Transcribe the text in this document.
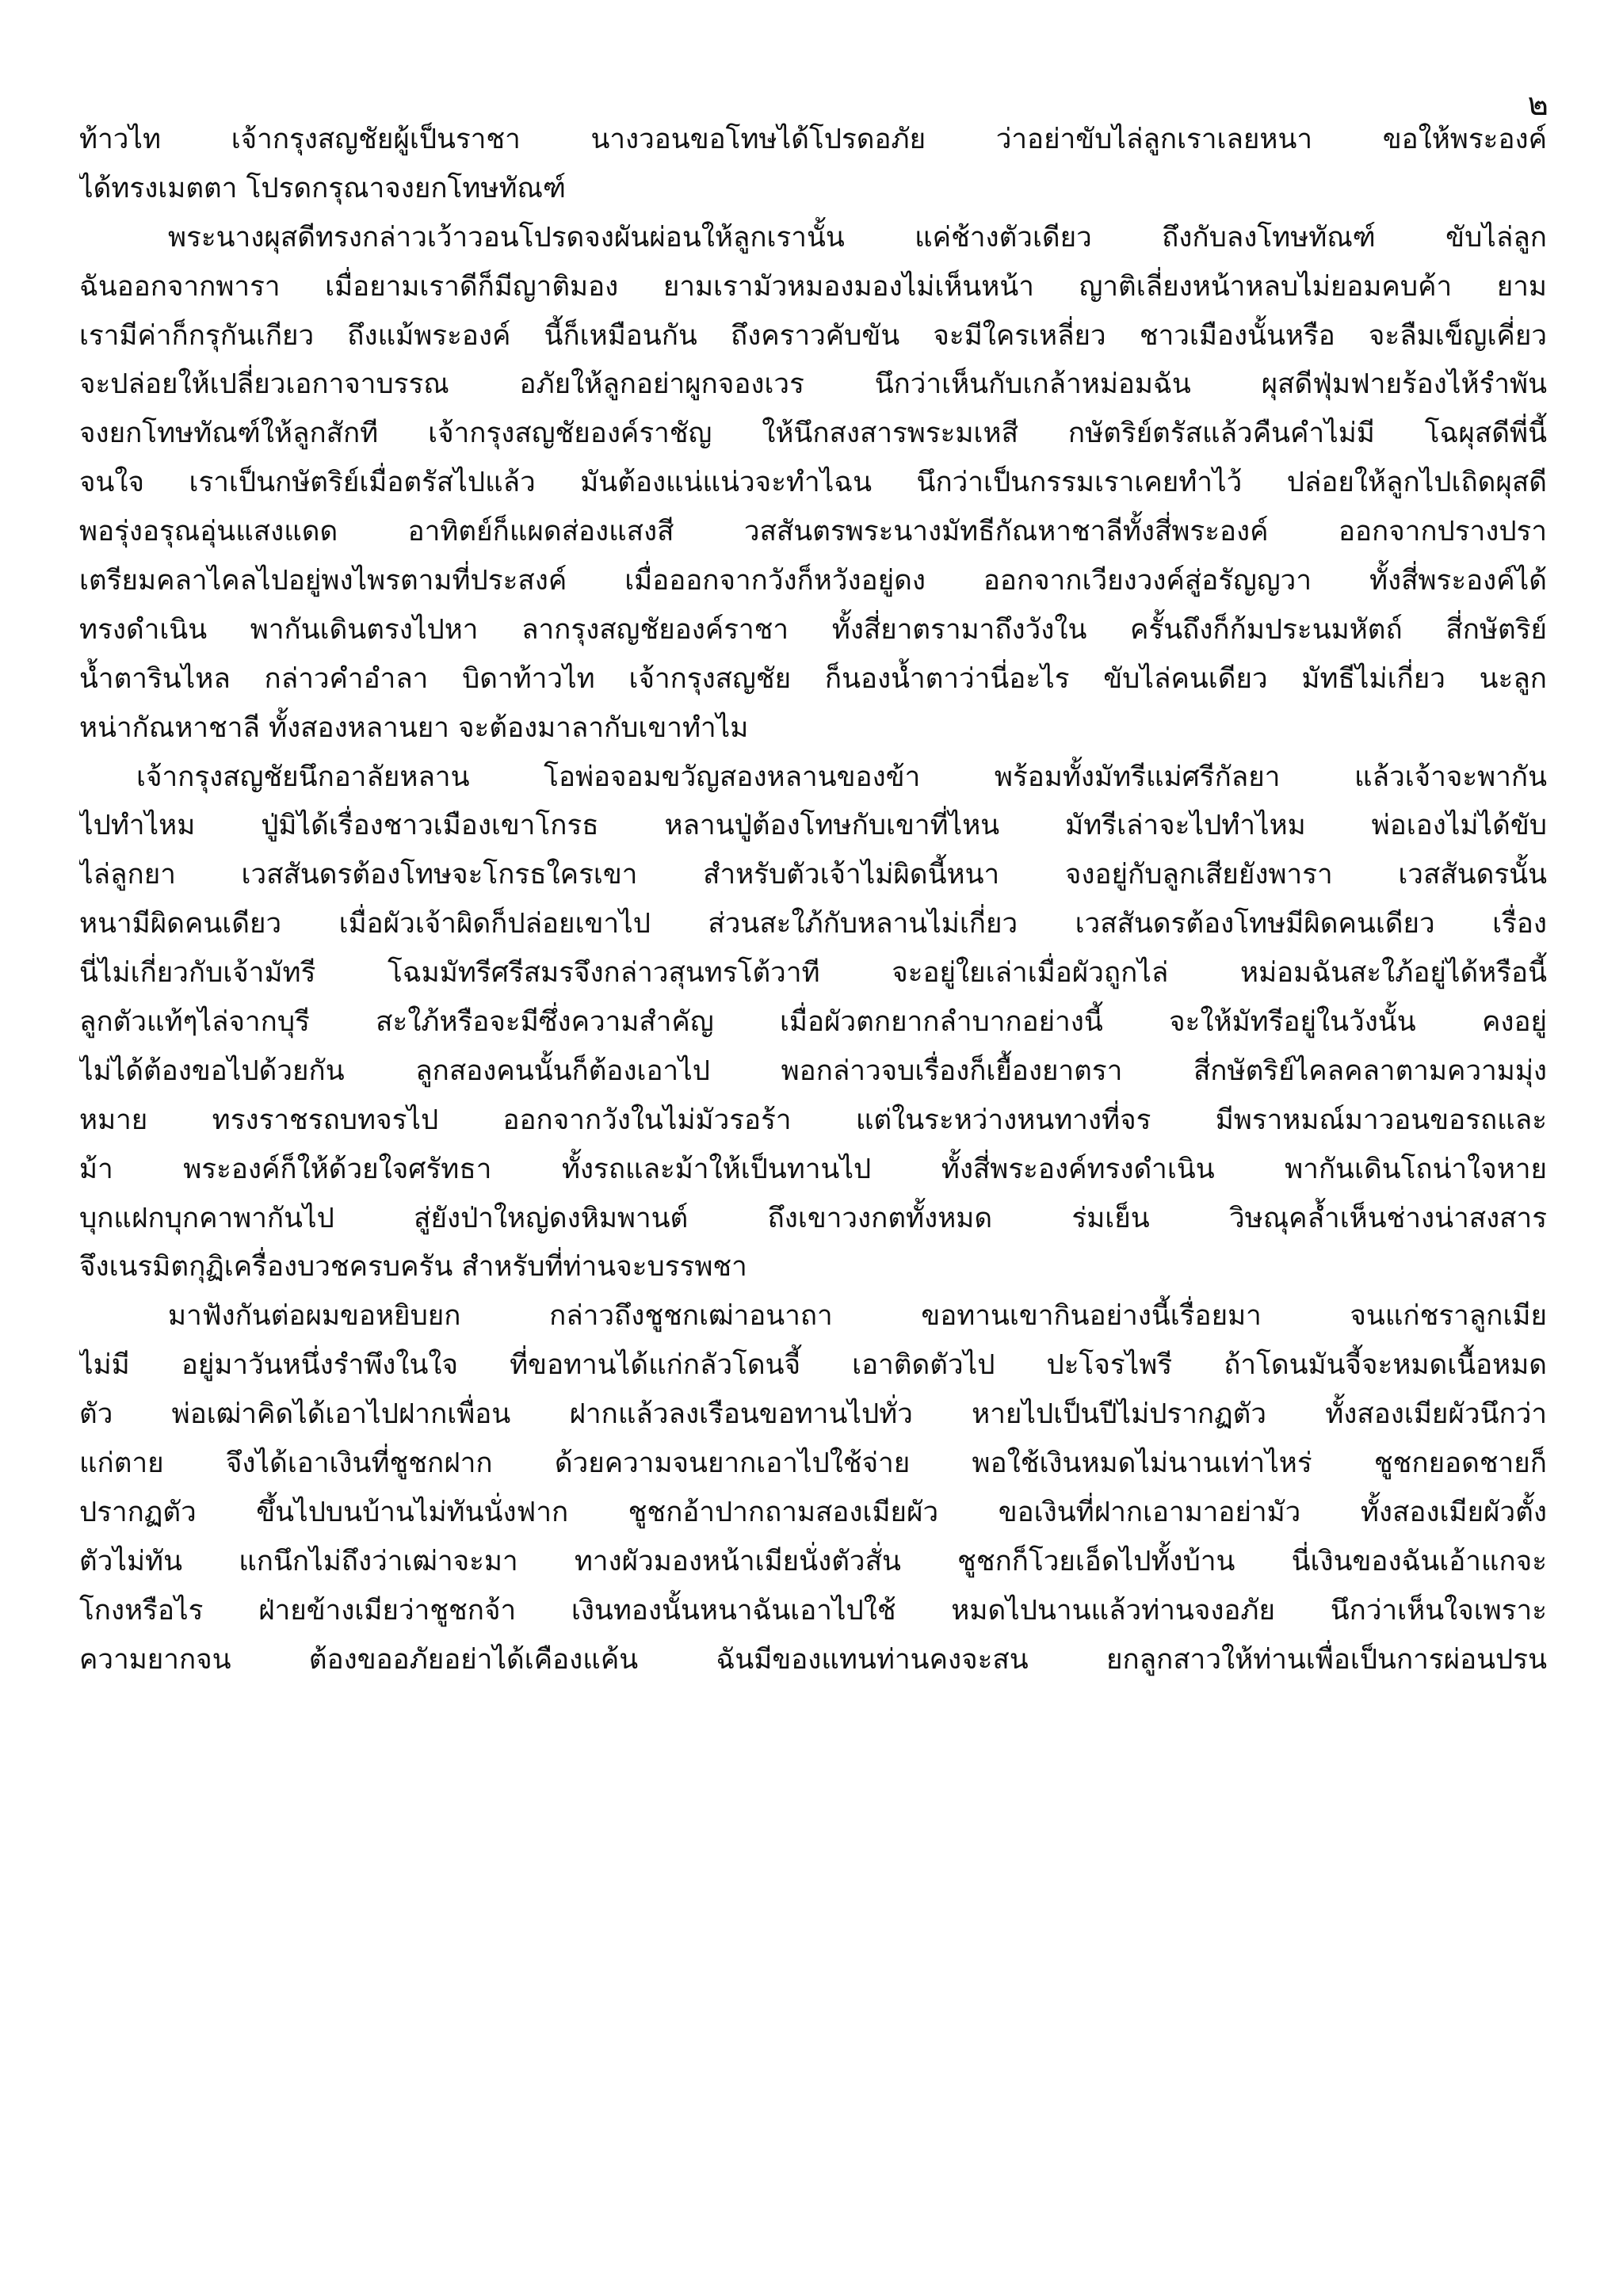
๒

ท้าวไท เจ้ากรุงสญชัยผู้เป็นราชา นางวอนขอโทษได้โปรดอภัย ว่าอย่าขับไล่ลูกเราเลยหนา ขอให้พระองค์
ได้ทรงเมตตา โปรดกรุณาจงยกโทษทัณฑ์

พระนางผุสดีทรงกล่าวเว้าวอนโปรดจงผันผ่อนให้ลูกเรานั้น แค่ช้างตัวเดียว ถึงกับลงโทษทัณฑ์ ขับไล่ลูก
ฉันออกจากพารา เมื่อยามเราดีก็มีญาติมอง ยามเรามัวหมองมองไม่เห็นหน้า ญาติเลี่ยงหน้าหลบไม่ยอมคบค้า ยาม
เรามีค่าก็กรุกันเกียว ถึงแม้พระองค์ นี้ก็เหมือนกัน ถึงคราวคับขัน จะมีใครเหลี่ยว ชาวเมืองนั้นหรือ จะลืมเข็ญเคี่ยว
จะปล่อยให้เปลี่ยวเอกาจาบรรณ อภัยให้ลูกอย่าผูกจองเวร นึกว่าเห็นกับเกล้าหม่อมฉัน ผุสดีฟุ่มฟายร้องไห้รำพัน
จงยกโทษทัณฑ์ให้ลูกสักที เจ้ากรุงสญชัยองค์ราชัญ ให้นึกสงสารพระมเหสี กษัตริย์ตรัสแล้วคืนคำไม่มี โฉผุสดีพี่นี้
จนใจ เราเป็นกษัตริย์เมื่อตรัสไปแล้ว มันต้องแน่แน่วจะทำไฉน นึกว่าเป็นกรรมเราเคยทำไว้ ปล่อยให้ลูกไปเถิดผุสดี
พอรุ่งอรุณอุ่นแสงแดด อาทิตย์ก็แผดส่องแสงสี วสสันตรพระนางมัทธีกัณหาชาลีทั้งสี่พระองค์ ออกจากปรางปรา
เตรียมคลาไคลไปอยู่พงไพรตามที่ประสงค์ เมื่อออกจากวังก็หวังอยู่ดง ออกจากเวียงวงค์สู่อรัญญวา ทั้งสี่พระองค์ได้
ทรงดำเนิน พากันเดินตรงไปหา ลากรุงสญชัยองค์ราชา ทั้งสี่ยาตรามาถึงวังใน ครั้นถึงก็ก้มประนมหัตถ์ สี่กษัตริย์
น้ำตารินไหล กล่าวคำอำลา บิดาท้าวไท เจ้ากรุงสญชัย ก็นองน้ำตาว่านี่อะไร ขับไล่คนเดียว มัทธีไม่เกี่ยว นะลูก
หน่ากัณหาชาลี ทั้งสองหลานยา จะต้องมาลากับเขาทำไม

เจ้ากรุงสญชัยนึกอาลัยหลาน โอพ่อจอมขวัญสองหลานของข้า พร้อมทั้งมัทรีแม่ศรีกัลยา แล้วเจ้าจะพากัน
ไปทำไหม ปู่มิได้เรื่องชาวเมืองเขาโกรธ หลานปู่ต้องโทษกับเขาที่ไหน มัทรีเล่าจะไปทำไหม พ่อเองไม่ได้ขับ
ไล่ลูกยา เวสสันดรต้องโทษจะโกรธใครเขา สำหรับตัวเจ้าไม่ผิดนี้หนา จงอยู่กับลูกเสียยังพารา เวสสันดรนั้น
หนามีผิดคนเดียว เมื่อผัวเจ้าผิดก็ปล่อยเขาไป ส่วนสะใภ้กับหลานไม่เกี่ยว เวสสันดรต้องโทษมีผิดคนเดียว เรื่อง
นี่ไม่เกี่ยวกับเจ้ามัทรี โฉมมัทรีศรีสมรจึงกล่าวสุนทรโต้วาที จะอยู่ใยเล่าเมื่อผัวถูกไล่ หม่อมฉันสะใภ้อยู่ได้หรือนี้
ลูกตัวแท้ๆไล่จากบุรี สะใภ้หรือจะมีซึ่งความสำคัญ เมื่อผัวตกยากลำบากอย่างนี้ จะให้มัทรีอยู่ในวังนั้น คงอยู่
ไม่ได้ต้องขอไปด้วยกัน ลูกสองคนนั้นก็ต้องเอาไป พอกล่าวจบเรื่องก็เยื้องยาตรา สี่กษัตริย์ไคลคลาตามความมุ่ง
หมาย ทรงราชรถบทจรไป ออกจากวังในไม่มัวรอร้า แต่ในระหว่างหนทางที่จร มีพราหมณ์มาวอนขอรถและ
ม้า พระองค์ก็ให้ด้วยใจศรัทธา ทั้งรถและม้าให้เป็นทานไป ทั้งสี่พระองค์ทรงดำเนิน พากันเดินโถน่าใจหาย
บุกแฝกบุกคาพากันไป สู่ยังป่าใหญ่ดงหิมพานต์ ถึงเขาวงกตทั้งหมด ร่มเย็น วิษณุคล้ำเห็นช่างน่าสงสาร
จึงเนรมิตกุฏิเครื่องบวชครบครัน สำหรับที่ท่านจะบรรพชา

มาฟังกันต่อผมขอหยิบยก กล่าวถึงชูชกเฒ่าอนาถา ขอทานเขากินอย่างนี้เรื่อยมา จนแก่ชราลูกเมีย
ไม่มี อยู่มาวันหนึ่งรำพึงในใจ ที่ขอทานได้แก่กลัวโดนจี้ เอาติดตัวไป ปะโจรไพรี ถ้าโดนมันจี้จะหมดเนื้อหมด
ตัว พ่อเฒ่าคิดได้เอาไปฝากเพื่อน ฝากแล้วลงเรือนขอทานไปทั่ว หายไปเป็นปีไม่ปรากฏตัว ทั้งสองเมียผัวนึกว่า
แก่ตาย จึงได้เอาเงินที่ชูชกฝาก ด้วยความจนยากเอาไปใช้จ่าย พอใช้เงินหมดไม่นานเท่าไหร่ ชูชกยอดชายก็
ปรากฏตัว ขึ้นไปบนบ้านไม่ทันนั่งฟาก ชูชกอ้าปากถามสองเมียผัว ขอเงินที่ฝากเอามาอย่ามัว ทั้งสองเมียผัวตั้ง
ตัวไม่ทัน แกนึกไม่ถึงว่าเฒ่าจะมา ทางผัวมองหน้าเมียนั่งตัวสั่น ชูชกก็โวยเอ็ดไปทั้งบ้าน นี่เงินของฉันเอ้าแกจะ
โกงหรือไร ฝ่ายข้างเมียว่าชูชกจ้า เงินทองนั้นหนาฉันเอาไปใช้ หมดไปนานแล้วท่านจงอภัย นึกว่าเห็นใจเพราะ
ความยากจน ต้องขออภัยอย่าได้เคืองแค้น ฉันมีของแทนท่านคงจะสน ยกลูกสาวให้ท่านเพื่อเป็นการผ่อนปรน
